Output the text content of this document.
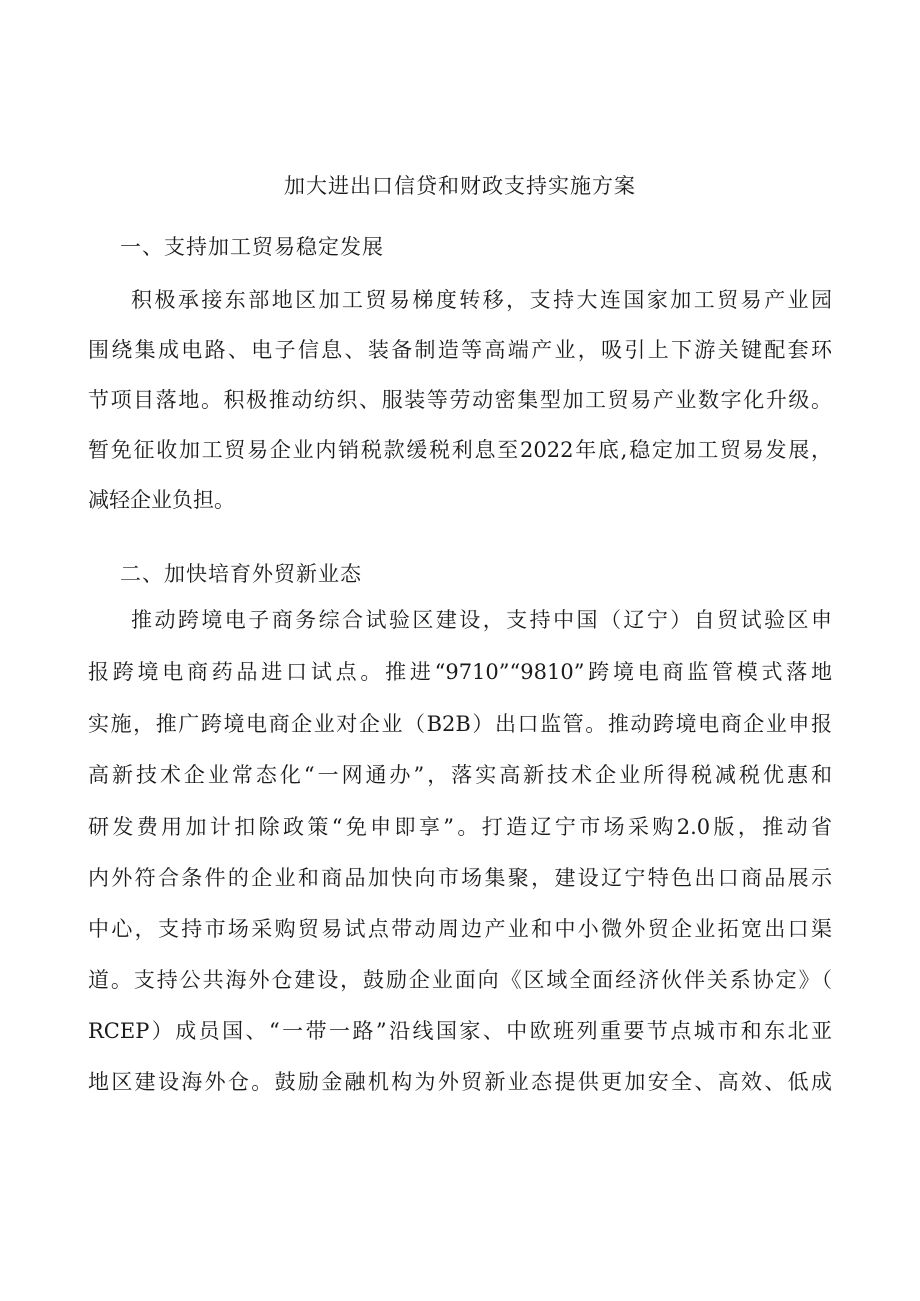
加大进出口信贷和财政支持实施方案
一、支持加工贸易稳定发展
积极承接东部地区加工贸易梯度转移，支持大连国家加工贸易产业园
围绕集成电路、电子信息、装备制造等高端产业，吸引上下游关键配套环
节项目落地。积极推动纺织、服装等劳动密集型加工贸易产业数字化升级。
暂免征收加工贸易企业内销税款缓税利息至2022年底,稳定加工贸易发展，
减轻企业负担。
二、加快培育外贸新业态
推动跨境电子商务综合试验区建设，支持中国（辽宁）自贸试验区申
报跨境电商药品进口试点。推进“9710”“9810”跨境电商监管模式落地
实施，推广跨境电商企业对企业（B2B）出口监管。推动跨境电商企业申报
高新技术企业常态化“一网通办”，落实高新技术企业所得税减税优惠和
研发费用加计扣除政策“免申即享”。打造辽宁市场采购2.0版，推动省
内外符合条件的企业和商品加快向市场集聚，建设辽宁特色出口商品展示
中心，支持市场采购贸易试点带动周边产业和中小微外贸企业拓宽出口渠
道。支持公共海外仓建设，鼓励企业面向《区域全面经济伙伴关系协定》（
RCEP）成员国、“一带一路”沿线国家、中欧班列重要节点城市和东北亚
地区建设海外仓。鼓励金融机构为外贸新业态提供更加安全、高效、低成
